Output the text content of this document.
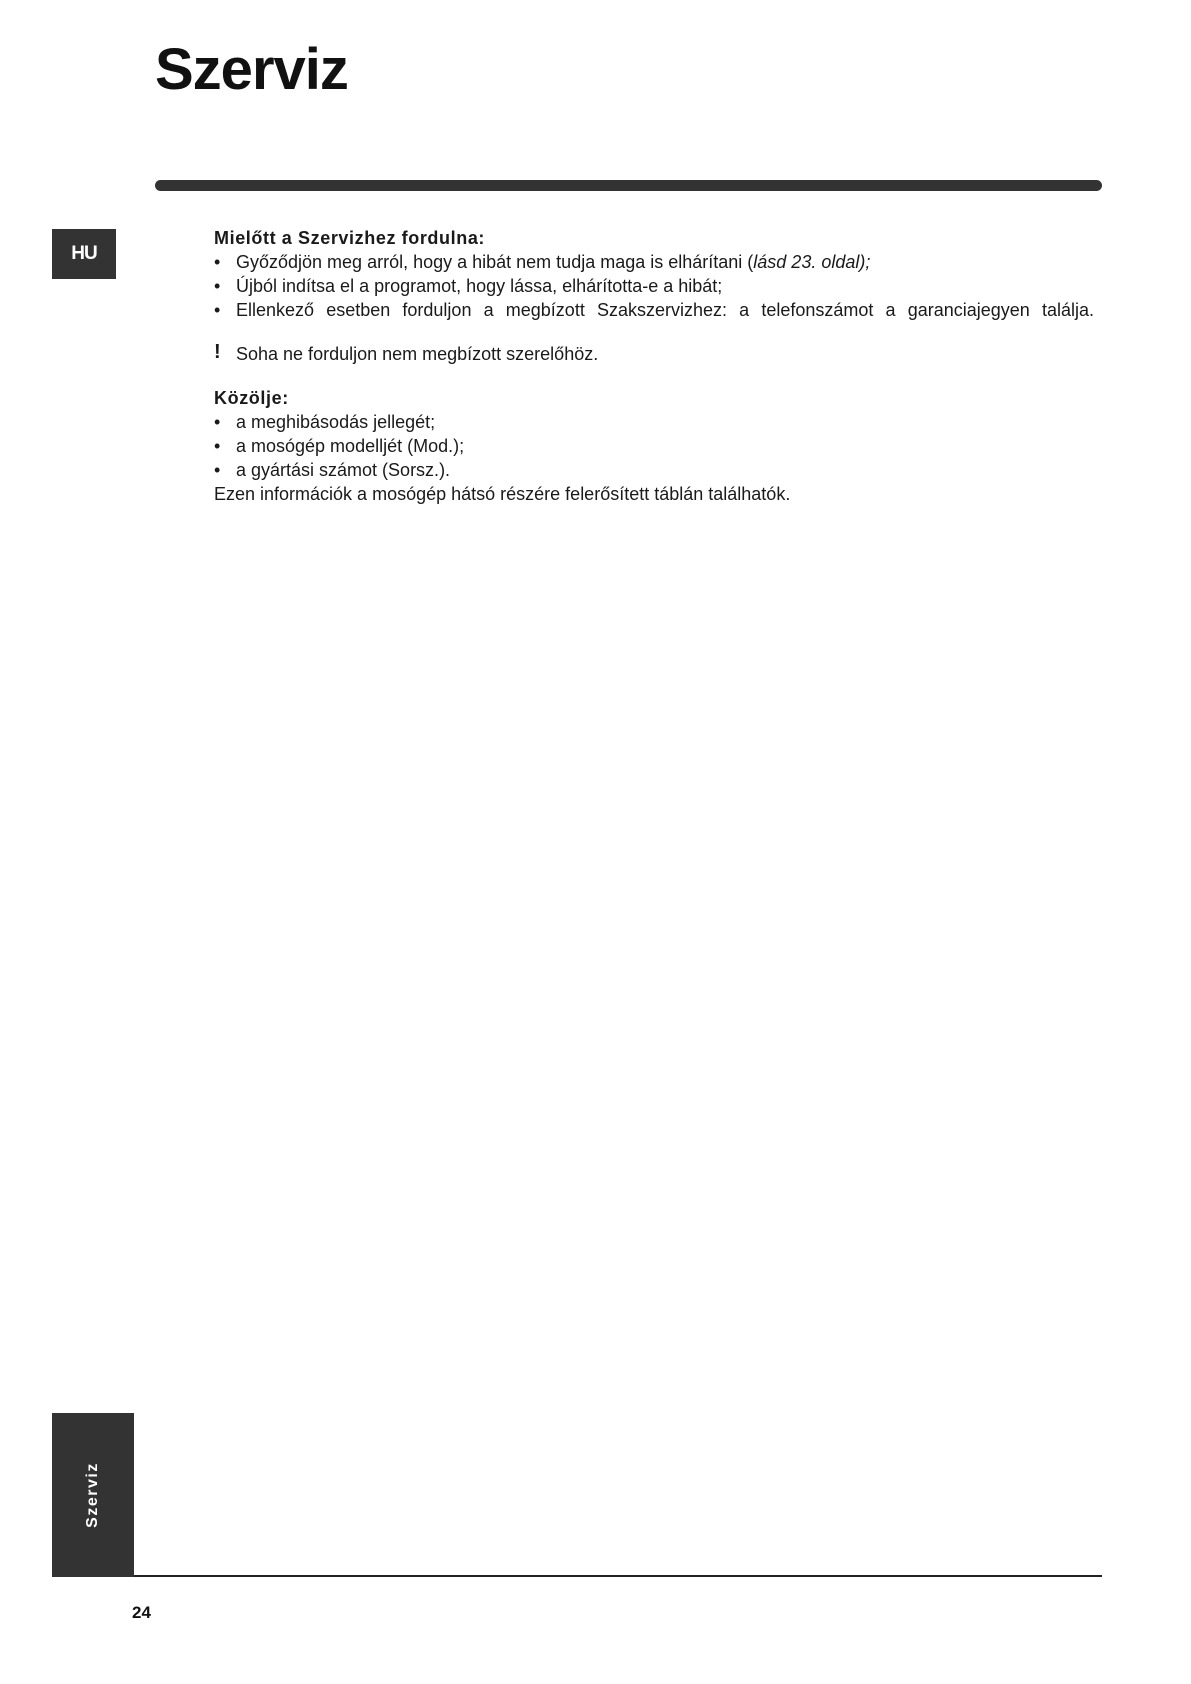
Szerviz
HU
Mielőtt a Szervizhez fordulna:
• Győződjön meg arról, hogy a hibát nem tudja maga is elhárítani (lásd 23. oldal);
• Újból indítsa el a programot, hogy lássa, elhárította-e a hibát;
• Ellenkező esetben forduljon a megbízott Szakszervizhez: a telefonszámot a garanciajegyen találja.
! Soha ne forduljon nem megbízott szerelőhöz.
Közölje:
• a meghibásodás jellegét;
• a mosógép modelljét (Mod.);
• a gyártási számot (Sorsz.).
Ezen információk a mosógép hátsó részére felerősített táblán találhatók.
Szerviz
24
